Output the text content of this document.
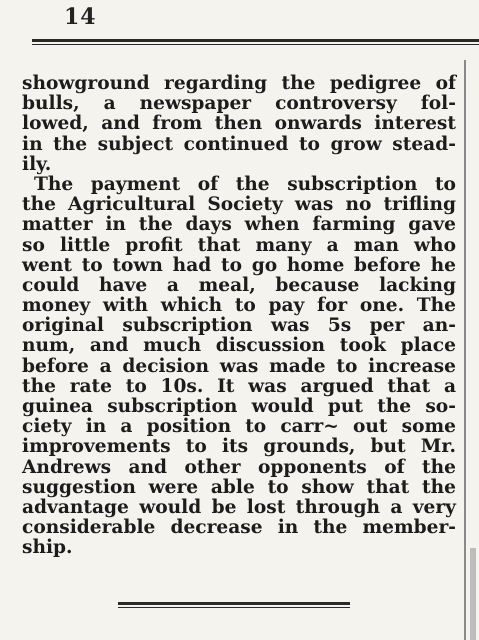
14
showground regarding the pedigree of
bulls, a newspaper controversy fol-
lowed, and from then onwards interest
in the subject continued to grow stead-
ily.
The payment of the subscription to
the Agricultural Society was no trifling
matter in the days when farming gave
so little profit that many a man who
went to town had to go home before he
could have a meal, because lacking
money with which to pay for one. The
original subscription was 5s per an-
num, and much discussion took place
before a decision was made to increase
the rate to 10s. It was argued that a
guinea subscription would put the so-
ciety in a position to carr~ out some
improvements to its grounds, but Mr.
Andrews and other opponents of the
suggestion were able to show that the
advantage would be lost through a very
considerable decrease in the member-
ship.
